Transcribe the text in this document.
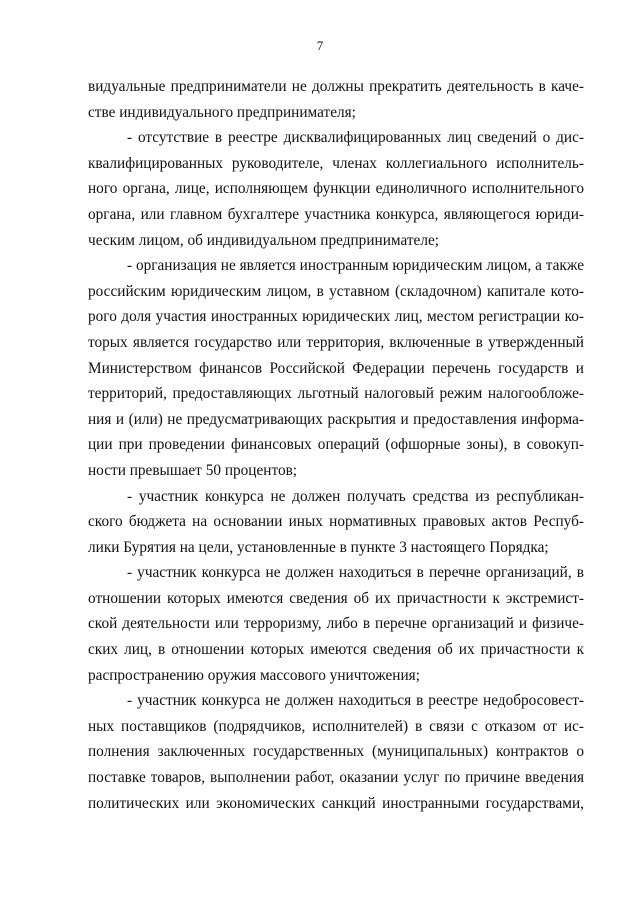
7
видуальные предприниматели не должны прекратить деятельность в каче-
стве индивидуального предпринимателя;
- отсутствие в реестре дисквалифицированных лиц сведений о дис-
квалифицированных руководителе, членах коллегиального исполнитель-
ного органа, лице, исполняющем функции единоличного исполнительного
органа, или главном бухгалтере участника конкурса, являющегося юриди-
ческим лицом, об индивидуальном предпринимателе;
- организация не является иностранным юридическим лицом, а также
российским юридическим лицом, в уставном (складочном) капитале кото-
рого доля участия иностранных юридических лиц, местом регистрации ко-
торых является государство или территория, включенные в утвержденный
Министерством финансов Российской Федерации перечень государств и
территорий, предоставляющих льготный налоговый режим налогообложе-
ния и (или) не предусматривающих раскрытия и предоставления информа-
ции при проведении финансовых операций (офшорные зоны), в совокуп-
ности превышает 50 процентов;
- участник конкурса не должен получать средства из республикан-
ского бюджета на основании иных нормативных правовых актов Респуб-
лики Бурятия на цели, установленные в пункте 3 настоящего Порядка;
- участник конкурса не должен находиться в перечне организаций, в
отношении которых имеются сведения об их причастности к экстремист-
ской деятельности или терроризму, либо в перечне организаций и физиче-
ских лиц, в отношении которых имеются сведения об их причастности к
распространению оружия массового уничтожения;
- участник конкурса не должен находиться в реестре недобросовест-
ных поставщиков (подрядчиков, исполнителей) в связи с отказом от ис-
полнения заключенных государственных (муниципальных) контрактов о
поставке товаров, выполнении работ, оказании услуг по причине введения
политических или экономических санкций иностранными государствами,
